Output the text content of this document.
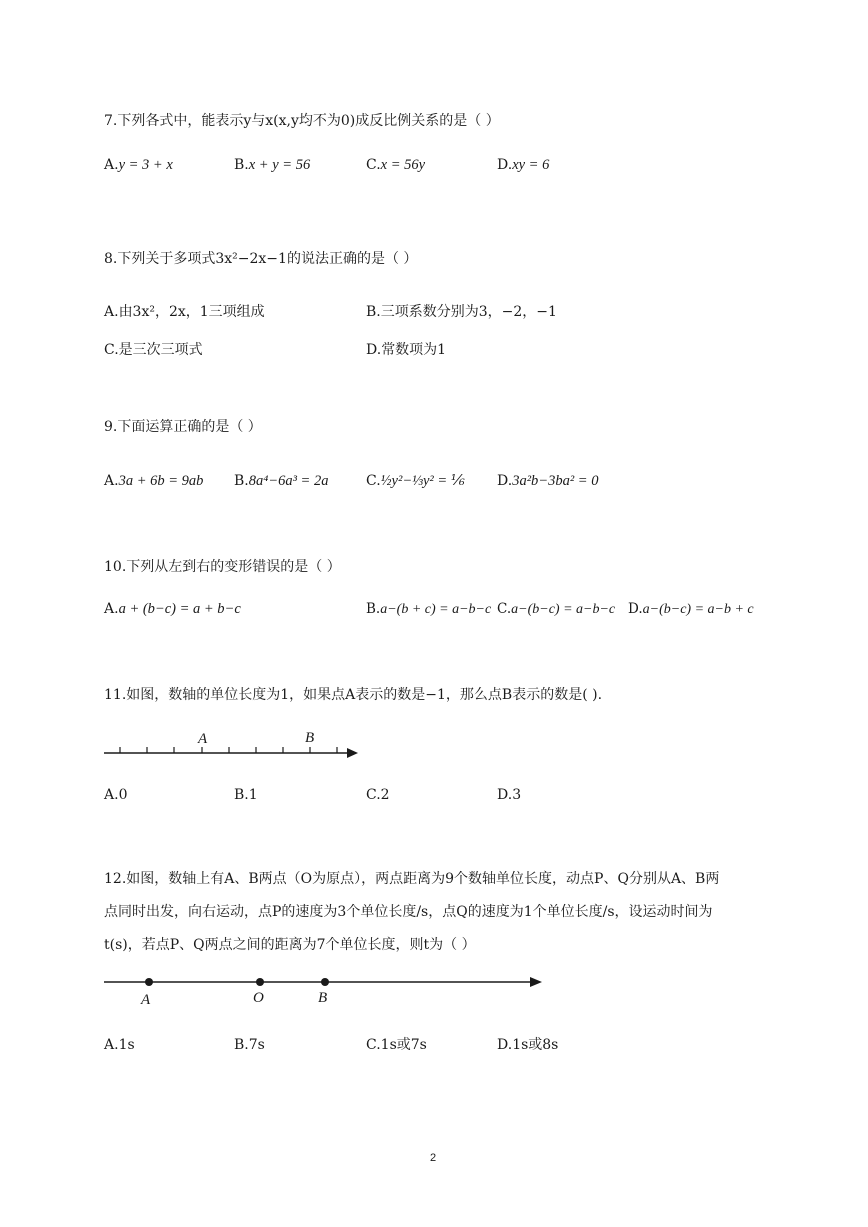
7.下列各式中，能表示y与x(x,y均不为0)成反比例关系的是（ ）
A.y = 3 + x	B.x + y = 56	C.x = 56y	D.xy = 6
8.下列关于多项式3x²−2x−1的说法正确的是（ ）
A.由3x²，2x，1三项组成	B.三项系数分别为3，−2，−1
C.是三次三项式	D.常数项为1
9.下面运算正确的是（ ）
A.3a + 6b = 9ab B.8a⁴−6a³ = 2a	C.½y²−⅓y² = ⅙ D.3a²b−3ba² = 0
10.下列从左到右的变形错误的是（ ）
A.a + (b−c) = a + b−c	B.a−(b + c) = a−b−c C.a−(b−c) = a−b−c D.a−(b−c) = a−b + c
11.如图，数轴的单位长度为1，如果点A表示的数是−1，那么点B表示的数是( ).
A	B
A.0	B.1	C.2	D.3
12.如图，数轴上有A、B两点（O为原点），两点距离为9个数轴单位长度，动点P、Q分别从A、B两
点同时出发，向右运动，点P的速度为3个单位长度/s，点Q的速度为1个单位长度/s，设运动时间为
t(s)，若点P、Q两点之间的距离为7个单位长度，则t为（ ）
A	O	B
A.1s	B.7s	C.1s或7s	D.1s或8s
2
